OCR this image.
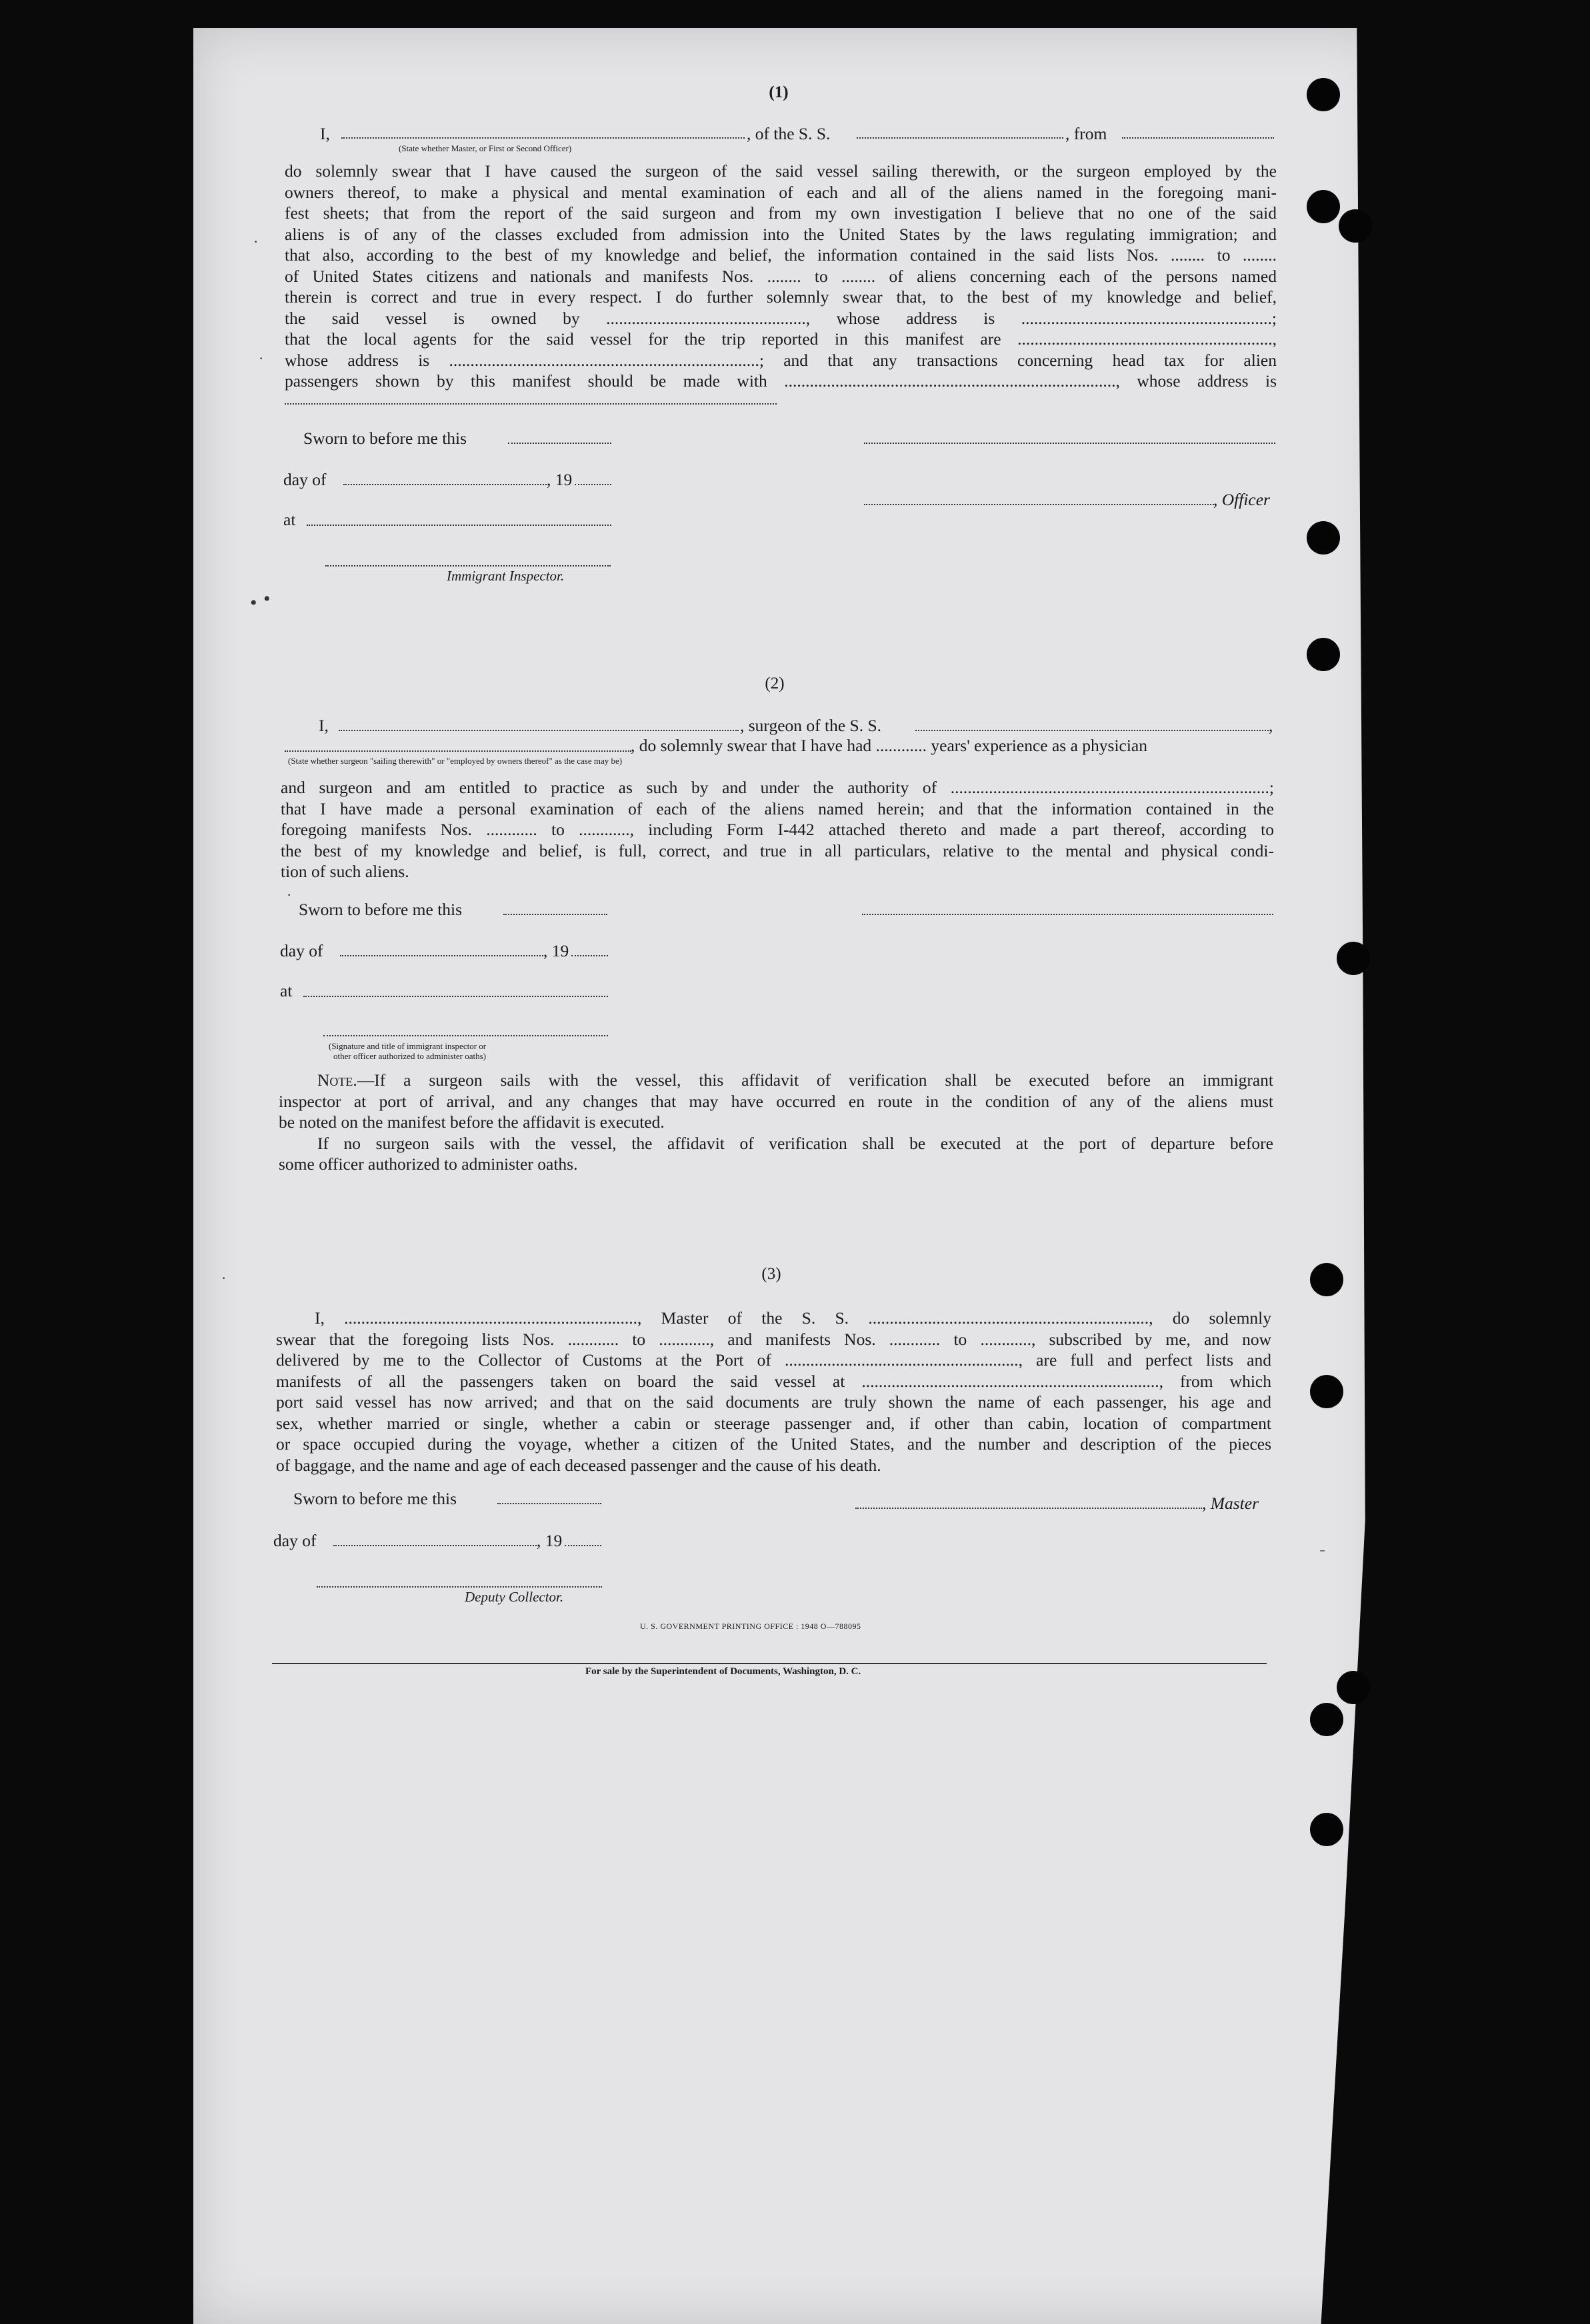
(1)
I,	, of the S. S.	, from
(State whether Master, or First or Second Officer)
do solemnly swear that I have caused the surgeon of the said vessel sailing therewith, or the surgeon employed by the
owners thereof, to make a physical and mental examination of each and all of the aliens named in the foregoing mani-
fest sheets; that from the report of the said surgeon and from my own investigation I believe that no one of the said
aliens is of any of the classes excluded from admission into the United States by the laws regulating immigration; and
that also, according to the best of my knowledge and belief, the information contained in the said lists Nos. ........ to ........
of United States citizens and nationals and manifests Nos. ........ to ........ of aliens concerning each of the persons named
therein is correct and true in every respect. I do further solemnly swear that, to the best of my knowledge and belief,
the said vessel is owned by ..............................................., whose address is ...........................................................;
that the local agents for the said vessel for the trip reported in this manifest are ............................................................,
whose address is .........................................................................; and that any transactions concerning head tax for alien
passengers shown by this manifest should be made with .............................................................................., whose address is
Sworn to before me this
day of	, 19
, Officer
at
Immigrant Inspector.
(2)
I,	, surgeon of the S. S.	,
, do solemnly swear that I have had ............ years' experience as a physician
(State whether surgeon "sailing therewith" or "employed by owners thereof" as the case may be)
and surgeon and am entitled to practice as such by and under the authority of ...........................................................................;
that I have made a personal examination of each of the aliens named herein; and that the information contained in the
foregoing manifests Nos. ............ to ............, including Form I-442 attached thereto and made a part thereof, according to
the best of my knowledge and belief, is full, correct, and true in all particulars, relative to the mental and physical condi-
tion of such aliens.
Sworn to before me this
day of	, 19
at
(Signature and title of immigrant inspector or
other officer authorized to administer oaths)
Note.—If a surgeon sails with the vessel, this affidavit of verification shall be executed before an immigrant
inspector at port of arrival, and any changes that may have occurred en route in the condition of any of the aliens must
be noted on the manifest before the affidavit is executed.
If no surgeon sails with the vessel, the affidavit of verification shall be executed at the port of departure before
some officer authorized to administer oaths.
(3)
I, ....................................................................., Master of the S. S. .................................................................., do solemnly
swear that the foregoing lists Nos. ............ to ............, and manifests Nos. ............ to ............, subscribed by me, and now
delivered by me to the Collector of Customs at the Port of ......................................................., are full and perfect lists and
manifests of all the passengers taken on board the said vessel at ......................................................................, from which
port said vessel has now arrived; and that on the said documents are truly shown the name of each passenger, his age and
sex, whether married or single, whether a cabin or steerage passenger and, if other than cabin, location of compartment
or space occupied during the voyage, whether a citizen of the United States, and the number and description of the pieces
of baggage, and the name and age of each deceased passenger and the cause of his death.
Sworn to before me this	, Master
day of	, 19
Deputy Collector.
U. S. GOVERNMENT PRINTING OFFICE : 1948 O—788095
For sale by the Superintendent of Documents, Washington, D. C.
·
·
•
•
·
·
ˉ
